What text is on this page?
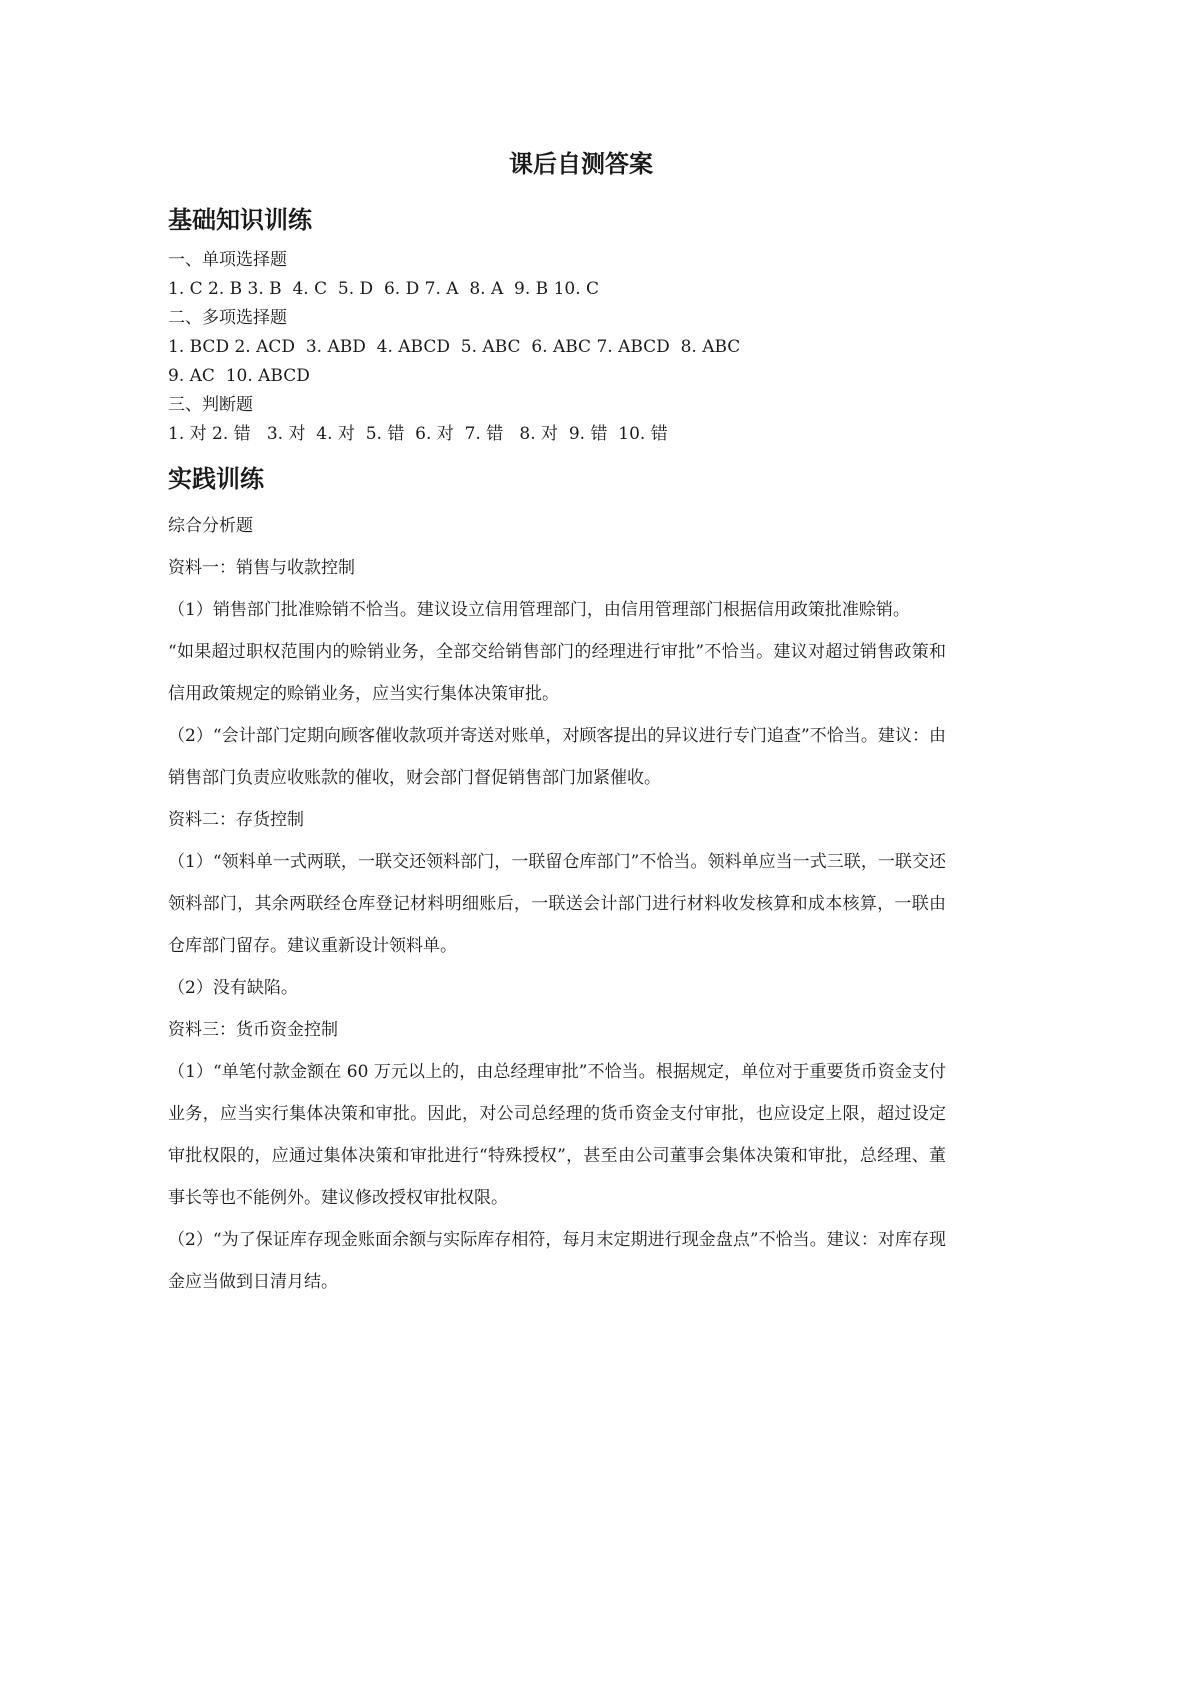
课后自测答案
基础知识训练

一、单项选择题

1. C 2. B 3. B  4. C  5. D  6. D 7. A  8. A  9. B 10. C

二、多项选择题

1. BCD 2. ACD  3. ABD  4. ABCD  5. ABC  6. ABC 7. ABCD  8. ABC

9. AC  10. ABCD

三、判断题

1. 对 2. 错   3. 对  4. 对  5. 错  6. 对  7. 错   8. 对  9. 错  10. 错

实践训练

综合分析题

资料一：销售与收款控制

（1）销售部门批准赊销不恰当。建议设立信用管理部门，由信用管理部门根据信用政策批准赊销。

“如果超过职权范围内的赊销业务，全部交给销售部门的经理进行审批”不恰当。建议对超过销售政策和信用政策规定的赊销业务，应当实行集体决策审批。

（2）“会计部门定期向顾客催收款项并寄送对账单，对顾客提出的异议进行专门追查”不恰当。建议：由销售部门负责应收账款的催收，财会部门督促销售部门加紧催收。

资料二：存货控制

（1）“领料单一式两联，一联交还领料部门，一联留仓库部门”不恰当。领料单应当一式三联，一联交还领料部门，其余两联经仓库登记材料明细账后，一联送会计部门进行材料收发核算和成本核算，一联由仓库部门留存。建议重新设计领料单。

（2）没有缺陷。

资料三：货币资金控制

（1）“单笔付款金额在 60 万元以上的，由总经理审批”不恰当。根据规定，单位对于重要货币资金支付业务，应当实行集体决策和审批。因此，对公司总经理的货币资金支付审批，也应设定上限，超过设定审批权限的，应通过集体决策和审批进行“特殊授权”，甚至由公司董事会集体决策和审批，总经理、董事长等也不能例外。建议修改授权审批权限。

（2）“为了保证库存现金账面余额与实际库存相符，每月末定期进行现金盘点”不恰当。建议：对库存现金应当做到日清月结。
